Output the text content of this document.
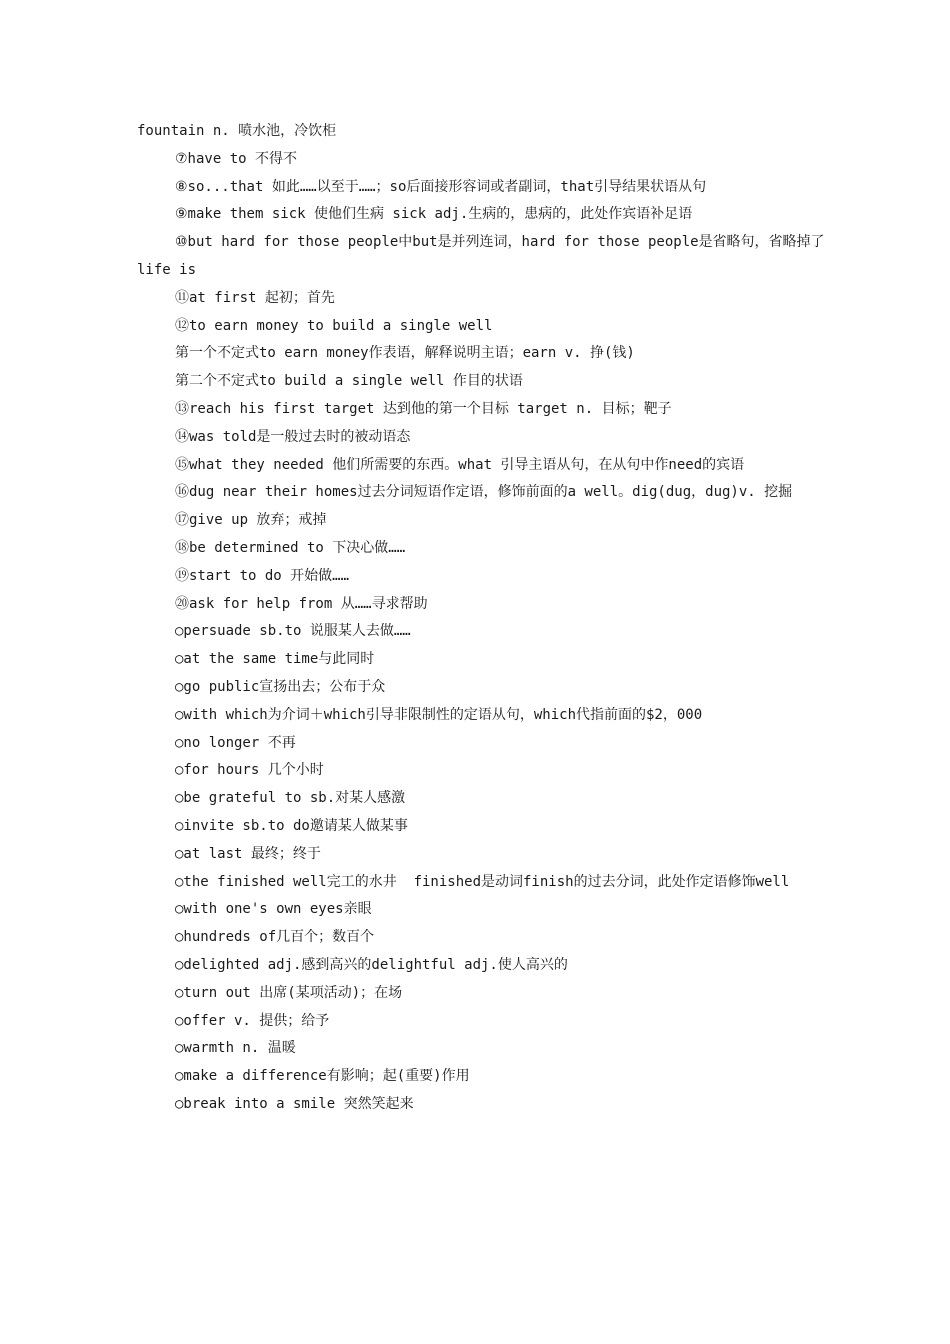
fountain n. 喷水池，冷饮柜

⑦have to 不得不

⑧so...that 如此……以至于……；so后面接形容词或者副词，that引导结果状语从句

⑨make them sick 使他们生病 sick adj.生病的，患病的，此处作宾语补足语

⑩but hard for those people中but是并列连词，hard for those people是省略句，省略掉了life is

⑪at first 起初；首先

⑫to earn money to build a single well

第一个不定式to earn money作表语，解释说明主语；earn v. 挣(钱)

第二个不定式to build a single well 作目的状语

⑬reach his first target 达到他的第一个目标 target n. 目标；靶子

⑭was told是一般过去时的被动语态

⑮what they needed 他们所需要的东西。what 引导主语从句，在从句中作need的宾语

⑯dug near their homes过去分词短语作定语，修饰前面的a well。dig(dug，dug)v. 挖掘

⑰give up 放弃；戒掉

⑱be determined to 下决心做……

⑲start to do 开始做……

⑳ask for help from 从……寻求帮助

○persuade sb.to 说服某人去做……

○at the same time与此同时

○go public宣扬出去；公布于众

○with which为介词＋which引导非限制性的定语从句，which代指前面的$2，000

○no longer 不再

○for hours 几个小时

○be grateful to sb.对某人感激

○invite sb.to do邀请某人做某事

○at last 最终；终于

○the finished well完工的水井  finished是动词finish的过去分词，此处作定语修饰well

○with one's own eyes亲眼

○hundreds of几百个；数百个

○delighted adj.感到高兴的delightful adj.使人高兴的

○turn out 出席(某项活动)；在场

○offer v. 提供；给予

○warmth n. 温暖

○make a difference有影响；起(重要)作用

○break into a smile 突然笑起来
